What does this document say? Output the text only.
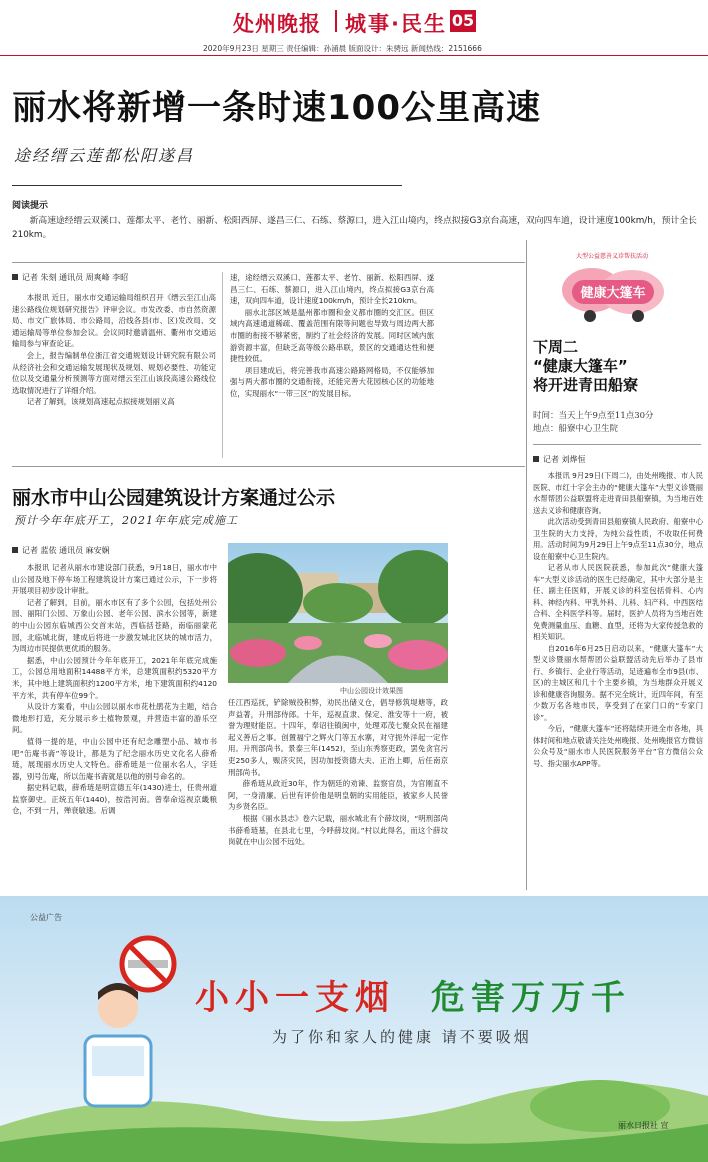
处州晚报 城事·民生 05
2020年9月23日 星期三 责任编辑：孙涌晨 版面设计：朱骋远 新闻热线：2151666
丽水将新增一条时速100公里高速
途经缙云莲都松阳遂昌
阅读提示
新高速途经缙云双溪口、莲都太平、老竹、丽新、松阳西屏、遂昌三仁、石练、蔡源口，进入江山境内，终点拟接G3京台高速，双向四车道，设计速度100km/h，预计全长210km。
记者 朱刻 通讯员 周爽峰 李昭

本报讯 近日，丽水市交通运输局组织召开《缙云至江山高速公路线位规划研究报告》评审会议。市发改委、市自然资源局、市文广旅体局、市公路局，沿线各县(市、区)发改局、交通运输局等单位参加会议。会议同时邀请温州、衢州市交通运输局参与审查论证。

会上，报告编制单位浙江省交通规划设计研究院有限公司从经济社会和交通运输发展现状及规划、规划必要性、功能定位以及交通量分析预测等方面对缙云至江山该段高速公路线位选取情况进行了详细介绍。

记者了解到，该规划高速起点拟接规划丽义高

速，途经缙云双溪口、莲都太平、老竹、丽新、松阳西屏、遂昌三仁、石练、蔡源口，进入江山境内，终点拟接G3京台高速，双向四车道，设计速度100km/h，预计全长210km。

丽水北部区域是温州都市圈和金义都市圈的交汇区。但区域内高速通道稀疏、覆盖范围有限等问题也导致与周边两大都市圈的衔接不够紧密，制约了社会经济的发展。同时区域内旅游资源丰富，但缺乏高等级公路串联，景区的交通通达性和便捷性较低。

项目建成后，将完善我市高速公路路网格局，不仅能够加强与两大都市圈的交通衔接，还能完善大花园核心区的功能地位，实现丽水“一带三区”的发展目标。

丽水市中山公园建筑设计方案通过公示
预计今年年底开工，2021年年底完成施工
记者 蓝依 通讯员 麻安娴

本报讯 记者从丽水市建设部门获悉，9月18日，丽水市中山公园及地下停车场工程建筑设计方案已通过公示，下一步将开展项目初步设计审批。

记者了解到，目前，丽水市区有了多个公园，包括处州公园、丽阳门公园、万象山公园、老年公园、滨水公园等，新建的中山公园东临城西公交首末站，西临括苍路，南临丽蒙花园，北临城北街，建成后将进一步激发城北区块的城市活力，为周边市民提供更优质的服务。

据悉，中山公园预计今年年底开工，2021年年底完成施工，公园总用地面积14488平方米，总建筑面积约5320平方米，其中地上建筑面积约1200平方米，地下建筑面积约4120平方米，共有停车位99个。

从设计方案看，中山公园以丽水市花杜鹃花为主题，结合微地形打造，充分展示乡土植物景观，并营造丰富的游乐空间。

值得一提的是，中山公园中还有纪念雕塑小品、城市书吧“缶庵书斋”等设计，都是为了纪念丽水历史文化名人薛希琏，展现丽水历史人文特色。薛希琏是一位丽水名人，字廷器，别号缶庵，所以缶庵书斋就是以他的别号命名的。

据史料记载，薛希琏是明宣德五年(1430)进士，任贵州道监察御史。正统五年(1440)，按浩河南。曾奉命巡视京畿粮仓，不到一月，殚衰敏速。后调

中山公园设计效果图

任江西巡抚，铲除贼役积弊，劝民出储义仓，倡导修筑堤塘等，政声益著，升刑部侍郎。十年，巡视直隶、保定、淮安等十一府，被誉为理财能臣。十四年，奉诏往镇闽中，处理邓茂七聚众民在福建起义善后之事。创置福宁之辉火门等五水寨，对守扼外洋起一定作用。升刑部尚书。景泰三年(1452)，至山东秀察吏政，罢免贪官污吏250多人，赈济灾民，因功加授资德大夫、正治上卿，后任南京刑部尚书。

薛希琏从政近30年，作为朝廷的劝谏、监察官员，为官刚直不阿，一身清廉。后世有评价他是明皇朝的实用能臣，被家乡人民誉为乡贤名臣。

根据《丽水县志》卷六记载，丽水城北有个薛坟岗，“明刑部尚书薛希琏墓，在县北七里，今呼薛坟岗。”村以此得名，而这个薛坟岗就在中山公园不远处。

大型公益慈善义诊帮扶活动
健康大篷车
下周二
“健康大篷车”
将开进青田船寮
时间：当天上午9点至11点30分
地点：船寮中心卫生院
记者 刘烨恒

本报讯 9月29日(下周二)，由处州晚报、市人民医院、市红十字会主办的“健康大篷车”大型义诊暨丽水帮帮团公益联盟将走进青田县船寮镇，为当地百姓送去义诊和健康咨询。

此次活动受到青田县船寮镇人民政府、船寮中心卫生院的大力支持，为纯公益性质，不收取任何费用。活动时间为9月29日上午9点至11点30分，地点设在船寮中心卫生院内。

记者从市人民医院获悉，参加此次“健康大篷车”大型义诊活动的医生已经确定，其中大部分是主任、副主任医师，开展义诊的科室包括骨科、心内科、神经内科、甲乳外科、儿科、妇产科、中西医结合科、全科医学科等。届时，医护人员将为当地百姓免费测量血压、血糖、血型，还将为大家传授急救的相关知识。

自2016年6月25日启动以来，“健康大篷车”大型义诊暨丽水帮帮团公益联盟活动先后举办了县市行、乡镇行、企业行等活动，足迹遍布全市9县(市、区)的主城区和几十个主要乡镇，为当地群众开展义诊和健康咨询服务。据不完全统计，近四年间，有至少数万名各地市民，享受到了在家门口的“专家门诊”。

今后，“健康大篷车”还将陆续开进全市各地，具体时间和地点敬请关注处州晚报、处州晚报官方微信公众号及“丽水市人民医院服务平台”官方微信公众号、指尖丽水APP等。

公益广告
小小一支烟 危害万万千
为了你和家人的健康 请不要吸烟
丽水日报社 宣
